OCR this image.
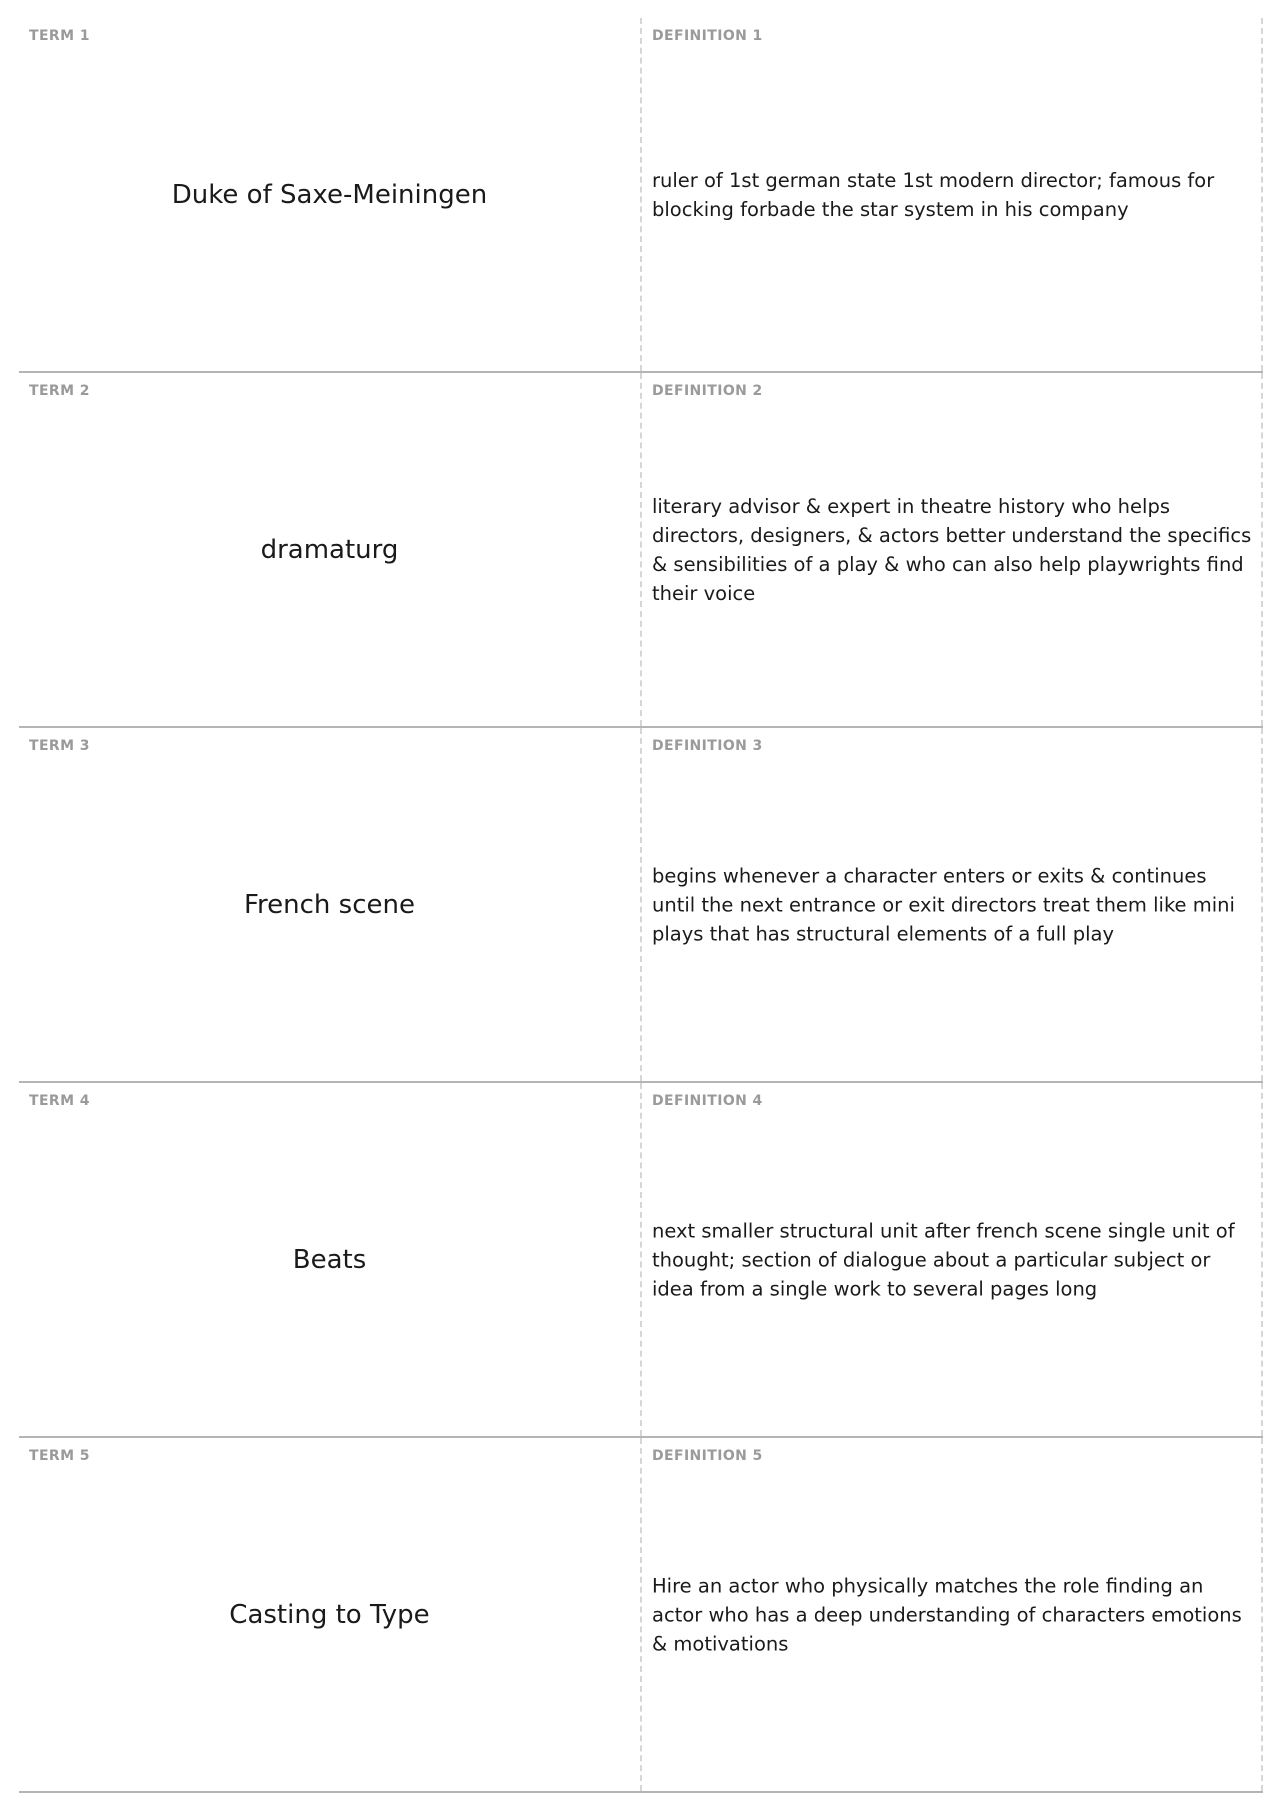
TERM 1
Duke of Saxe-Meiningen
DEFINITION 1
ruler of 1st german state 1st modern director; famous for blocking forbade the star system in his company
TERM 2
dramaturg
DEFINITION 2
literary advisor & expert in theatre history who helps directors, designers, & actors better understand the specifics & sensibilities of a play & who can also help playwrights find their voice
TERM 3
French scene
DEFINITION 3
begins whenever a character enters or exits & continues until the next entrance or exit directors treat them like mini plays that has structural elements of a full play
TERM 4
Beats
DEFINITION 4
next smaller structural unit after french scene single unit of thought; section of dialogue about a particular subject or idea from a single work to several pages long
TERM 5
Casting to Type
DEFINITION 5
Hire an actor who physically matches the role finding an actor who has a deep understanding of characters emotions & motivations
